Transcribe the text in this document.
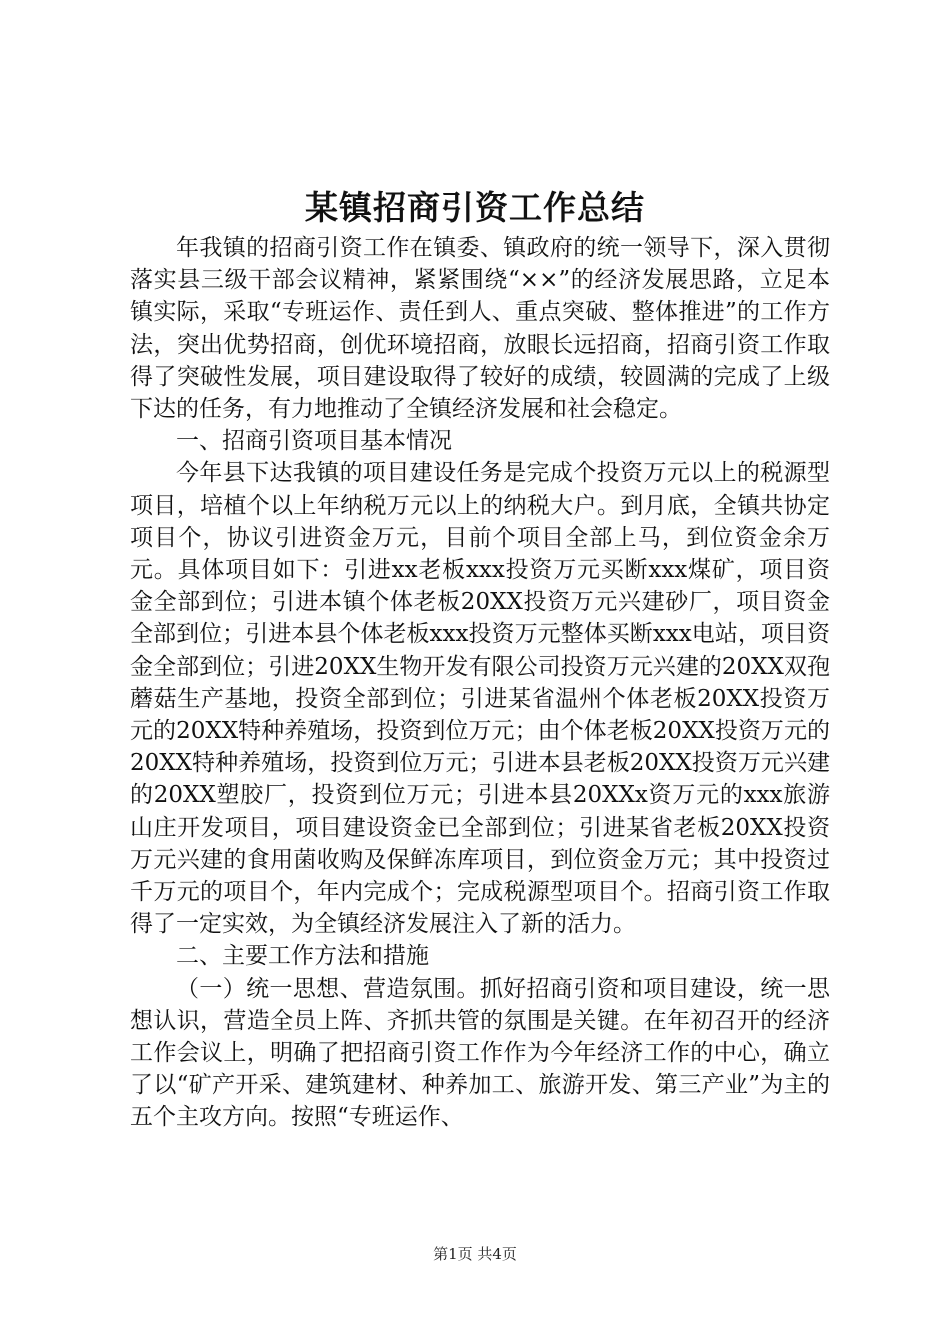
某镇招商引资工作总结

年我镇的招商引资工作在镇委、镇政府的统一领导下，深入贯彻落实县三级干部会议精神，紧紧围绕“××”的经济发展思路，立足本镇实际，采取“专班运作、责任到人、重点突破、整体推进”的工作方法，突出优势招商，创优环境招商，放眼长远招商，招商引资工作取得了突破性发展，项目建设取得了较好的成绩，较圆满的完成了上级下达的任务，有力地推动了全镇经济发展和社会稳定。

一、招商引资项目基本情况

今年县下达我镇的项目建设任务是完成个投资万元以上的税源型项目，培植个以上年纳税万元以上的纳税大户。到月底，全镇共协定项目个，协议引进资金万元，目前个项目全部上马，到位资金余万元。具体项目如下：引进xx老板xxx投资万元买断xxx煤矿，项目资金全部到位；引进本镇个体老板20XX投资万元兴建砂厂，项目资金全部到位；引进本县个体老板xxx投资万元整体买断xxx电站，项目资金全部到位；引进20XX生物开发有限公司投资万元兴建的20XX双孢蘑菇生产基地，投资全部到位；引进某省温州个体老板20XX投资万元的20XX特种养殖场，投资到位万元；由个体老板20XX投资万元的20XX特种养殖场，投资到位万元；引进本县老板20XX投资万元兴建的20XX塑胶厂，投资到位万元；引进本县20XXx资万元的xxx旅游山庄开发项目，项目建设资金已全部到位；引进某省老板20XX投资万元兴建的食用菌收购及保鲜冻库项目，到位资金万元；其中投资过千万元的项目个，年内完成个；完成税源型项目个。招商引资工作取得了一定实效，为全镇经济发展注入了新的活力。

二、主要工作方法和措施

（一）统一思想、营造氛围。抓好招商引资和项目建设，统一思想认识，营造全员上阵、齐抓共管的氛围是关键。在年初召开的经济工作会议上，明确了把招商引资工作作为今年经济工作的中心，确立了以“矿产开采、建筑建材、种养加工、旅游开发、第三产业”为主的五个主攻方向。按照“专班运作、

第1页 共4页
